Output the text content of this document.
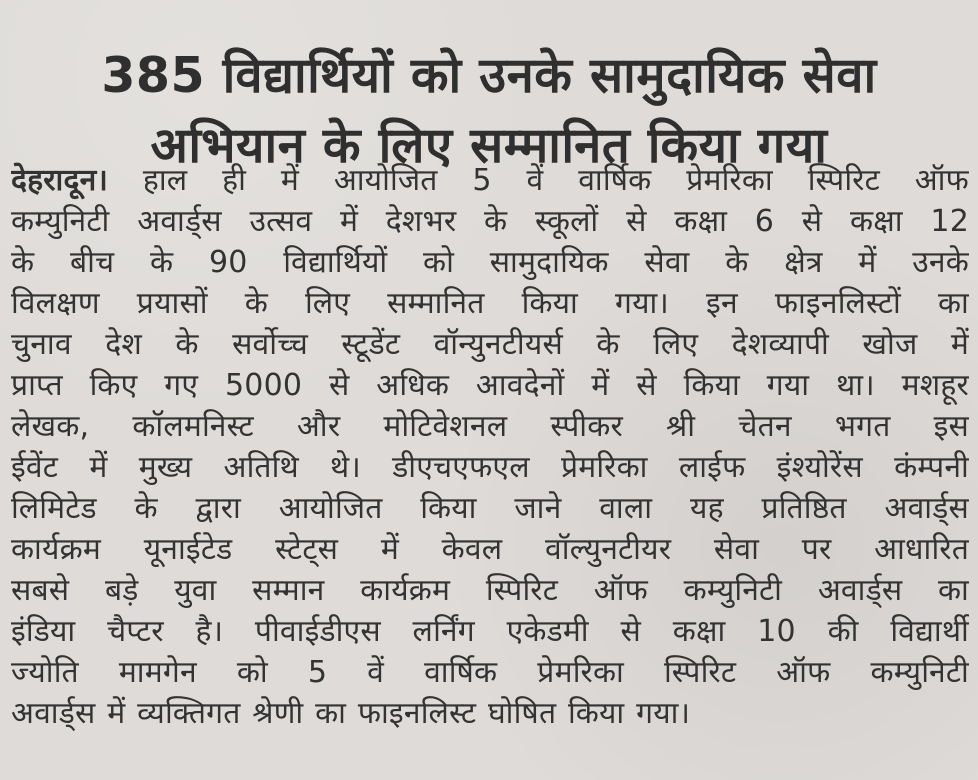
385 विद्यार्थियों को उनके सामुदायिक सेवा
अभियान के लिए सम्मानित किया गया
देहरादून। हाल ही में आयोजित 5 वें वार्षिक प्रेमरिका स्पिरिट ऑफ
कम्युनिटी अवार्ड्स उत्सव में देशभर के स्कूलों से कक्षा 6 से कक्षा 12
के बीच के 90 विद्यार्थियों को सामुदायिक सेवा के क्षेत्र में उनके
विलक्षण प्रयासों के लिए सम्मानित किया गया। इन फाइनलिस्टों का
चुनाव देश के सर्वोच्च स्टूडेंट वॉन्युनटीयर्स के लिए देशव्यापी खोज में
प्राप्त किए गए 5000 से अधिक आवदेनों में से किया गया था। मशहूर
लेखक, कॉलमनिस्ट और मोटिवेशनल स्पीकर श्री चेतन भगत इस
ईवेंट में मुख्य अतिथि थे। डीएचएफएल प्रेमरिका लाईफ इंश्योरेंस कंम्पनी
लिमिटेड के द्वारा आयोजित किया जाने वाला यह प्रतिष्ठित अवार्ड्स
कार्यक्रम यूनाईटेड स्टेट्स में केवल वॉल्युनटीयर सेवा पर आधारित
सबसे बड़े युवा सम्मान कार्यक्रम स्पिरिट ऑफ कम्युनिटी अवार्ड्स का
इंडिया चैप्टर है। पीवाईडीएस लर्निंग एकेडमी से कक्षा 10 की विद्यार्थी
ज्योति मामगेन को 5 वें वार्षिक प्रेमरिका स्पिरिट ऑफ कम्युनिटी
अवार्ड्स में व्यक्तिगत श्रेणी का फाइनलिस्ट घोषित किया गया।
